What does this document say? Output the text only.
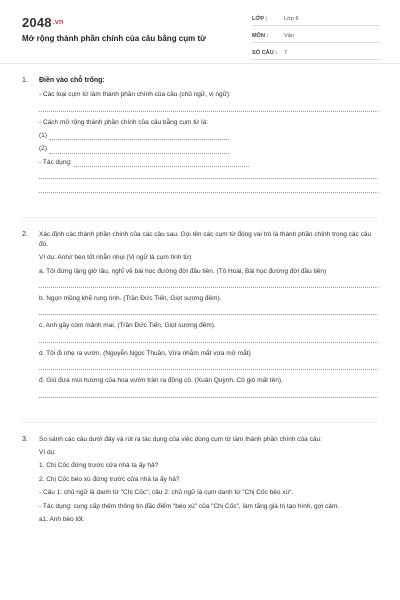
$2048^{.vn}$
Mở rộng thành phần chính của câu bằng cụm từ
LỚP :	Lớp 6
MÔN :	Văn
SỐ CÂU :	7
1.	Điền vào chỗ trống:
- Các loại cụm từ làm thành phần chính của câu (chủ ngữ, vị ngữ):
- Cách mở rộng thành phần chính của câu bằng cụm từ là:
(1)
(2)
- Tác dụng:
2.	Xác định các thành phần chính của các câu sau. Gọi tên các cụm từ đóng vai trò là thành phần chính trong các câu đó.
Ví dụ: Anh// béo tốt nhẵn nhụi (Vị ngữ là cụm tính từ)
a. Tôi đứng lặng giờ lâu, nghĩ về bài học đường đời đầu tiên. (Tô Hoài, Bài học đường đời đầu tiên)
b. Ngọn mồng khẽ rung rinh. (Trần Đức Tiến, Giọt sương đêm).
c. Anh gầy còm mảnh mai. (Trần Đức Tiến, Giọt sương đêm).
d. Tôi đi nhẹ ra vườn. (Nguyễn Ngọc Thuần, Vừa nhắm mắt vừa mở mắt)
đ. Gió đưa mùi hương của hoa vườn tràn ra đồng cỏ. (Xuân Quỳnh, Cỏ gió mất tên).
3.	So sánh các câu dưới đây và rút ra tác dụng của việc dùng cụm từ làm thành phần chính của câu:
Ví dụ:
1. Chị Cốc đứng trước cửa nhà ta ấy hả?
2. Chị Cốc béo xù đứng trước cửa nhà ta ấy hả?
- Câu 1: chủ ngữ là danh từ "Chị Cốc"; câu 2: chủ ngữ là cụm danh từ "Chị Cốc béo xù".
- Tác dụng: cung cấp thêm thông tin đặc điểm "béo xù" của "Chị Cốc", làm tăng giá trị tạo hình, gợi cảm.
a1. Anh béo tốt.
